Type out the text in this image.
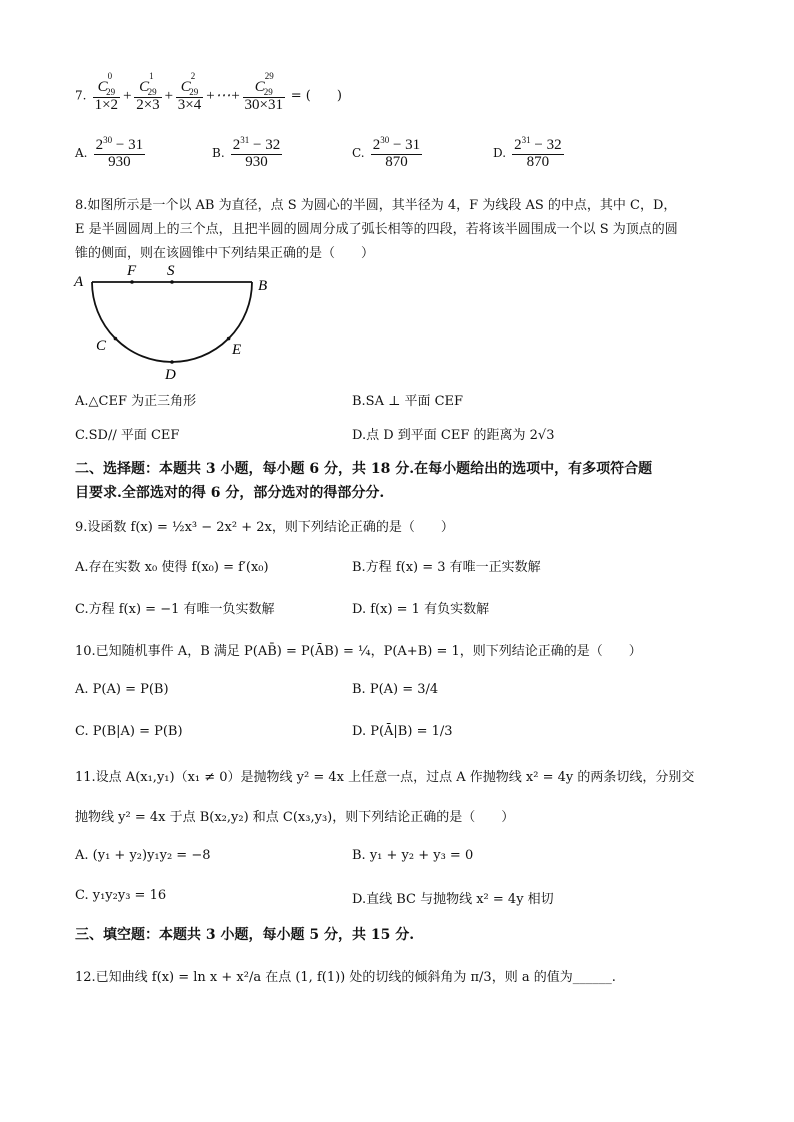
7. $\frac{C^0_{29}}{1\times 2} + \frac{C^1_{29}}{2\times 3} + \frac{C^2_{29}}{3\times 4}$ +⋯+ $\frac{C^{29}_{29}}{30\times 31}$ = (　　)
A. $\frac{2^{30} - 31}{930}$	B. $\frac{2^{31} - 32}{930}$	C. $\frac{2^{30} - 31}{870}$	D. $\frac{2^{31} - 32}{870}$
8.如图所示是一个以 AB 为直径，点 S 为圆心的半圆，其半径为 4，F 为线段 AS 的中点，其中 C，D，
E 是半圆圆周上的三个点，且把半圆的圆周分成了弧长相等的四段，若将该半圆围成一个以 S 为顶点的圆
锥的侧面，则在该圆锥中下列结果正确的是（　　）
A
F S
B
C
D
E
A.△CEF 为正三角形	B.SA ⊥ 平面 CEF
C.SD// 平面 CEF	D.点 D 到平面 CEF 的距离为 2√3
二、选择题：本题共 3 小题，每小题 6 分，共 18 分.在每小题给出的选项中，有多项符合题
目要求.全部选对的得 6 分，部分选对的得部分分.
9.设函数 f(x) = ½x³ − 2x² + 2x，则下列结论正确的是（　　）
A.存在实数 x₀ 使得 f(x₀) = f′(x₀)	B.方程 f(x) = 3 有唯一正实数解
C.方程 f(x) = −1 有唯一负实数解	D. f(x) = 1 有负实数解
10.已知随机事件 A，B 满足 P(AB̄) = P(ĀB) = ¼，P(A+B) = 1，则下列结论正确的是（　　）
A. P(A) = P(B)	B. P(A) = 3/4
C. P(B|A) = P(B)	D. P(Ā|B) = 1/3
11.设点 A(x₁,y₁)（x₁ ≠ 0）是抛物线 y² = 4x 上任意一点，过点 A 作抛物线 x² = 4y 的两条切线，分别交
抛物线 y² = 4x 于点 B(x₂,y₂) 和点 C(x₃,y₃)，则下列结论正确的是（　　）
A. (y₁ + y₂)y₁y₂ = −8	B. y₁ + y₂ + y₃ = 0
C. y₁y₂y₃ = 16	D.直线 BC 与抛物线 x² = 4y 相切
三、填空题：本题共 3 小题，每小题 5 分，共 15 分.
12.已知曲线 f(x) = ln x + x²/a 在点 (1, f(1)) 处的切线的倾斜角为 π/3，则 a 的值为______.
